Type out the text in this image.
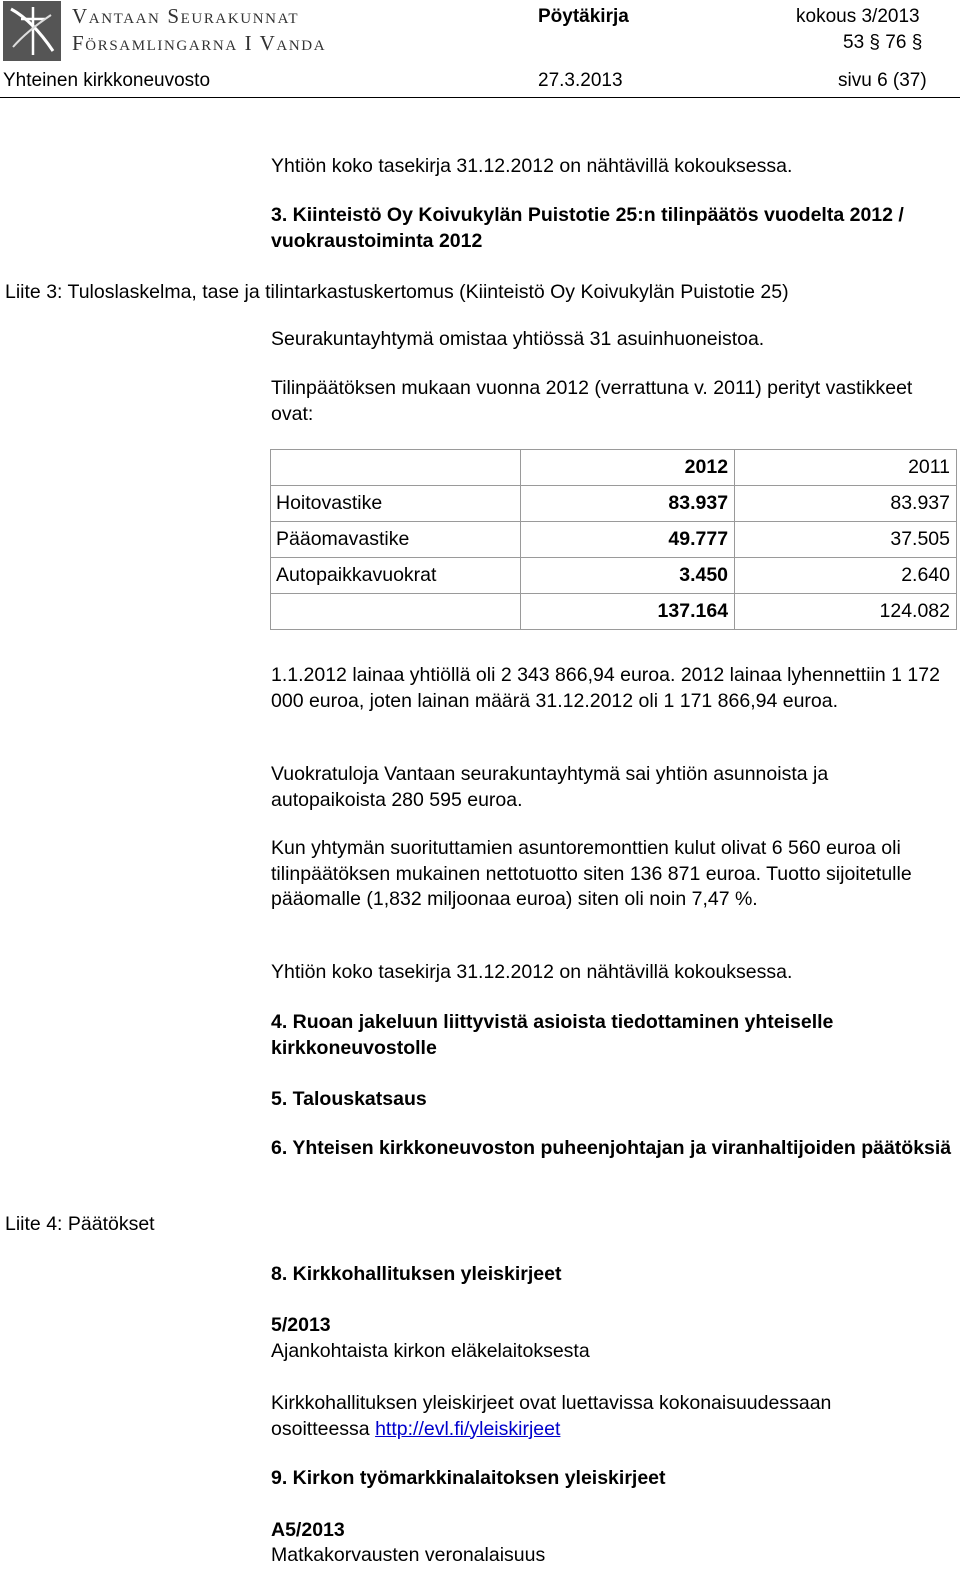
Vantaan Seurakunnat
Församlingarna I Vanda
Pöytäkirja	kokous 3/2013
53 § 76 §
Yhteinen kirkkoneuvosto	27.3.2013	sivu 6 (37)
Yhtiön koko tasekirja 31.12.2012 on nähtävillä kokouksessa.
3. Kiinteistö Oy Koivukylän Puistotie 25:n tilinpäätös vuodelta 2012 / vuokraustoiminta 2012
Liite 3: Tuloslaskelma, tase ja tilintarkastuskertomus (Kiinteistö Oy Koivukylän Puistotie 25)
Seurakuntayhtymä omistaa yhtiössä 31 asuinhuoneistoa.
Tilinpäätöksen mukaan vuonna 2012 (verrattuna v. 2011) perityt vastikkeet ovat:
	2012	2011
Hoitovastike	83.937	83.937
Pääomavastike	49.777	37.505
Autopaikkavuokrat	3.450	2.640
	137.164	124.082
1.1.2012 lainaa yhtiöllä oli 2 343 866,94 euroa. 2012 lainaa lyhennettiin 1 172 000 euroa, joten lainan määrä 31.12.2012 oli 1 171 866,94 euroa.
Vuokratuloja Vantaan seurakuntayhtymä sai yhtiön asunnoista ja autopaikoista 280 595 euroa.
Kun yhtymän suorituttamien asuntoremonttien kulut olivat 6 560 euroa oli tilinpäätöksen mukainen nettotuotto siten 136 871 euroa. Tuotto sijoitetulle pääomalle (1,832 miljoonaa euroa) siten oli noin 7,47 %.
Yhtiön koko tasekirja 31.12.2012 on nähtävillä kokouksessa.
4. Ruoan jakeluun liittyvistä asioista tiedottaminen yhteiselle kirkkoneuvostolle
5. Talouskatsaus
6. Yhteisen kirkkoneuvoston puheenjohtajan ja viranhaltijoiden päätöksiä
Liite 4: Päätökset
8. Kirkkohallituksen yleiskirjeet
5/2013
Ajankohtaista kirkon eläkelaitoksesta
Kirkkohallituksen yleiskirjeet ovat luettavissa kokonaisuudessaan osoitteessa http://evl.fi/yleiskirjeet
9. Kirkon työmarkkinalaitoksen yleiskirjeet
A5/2013
Matkakorvausten veronalaisuus
